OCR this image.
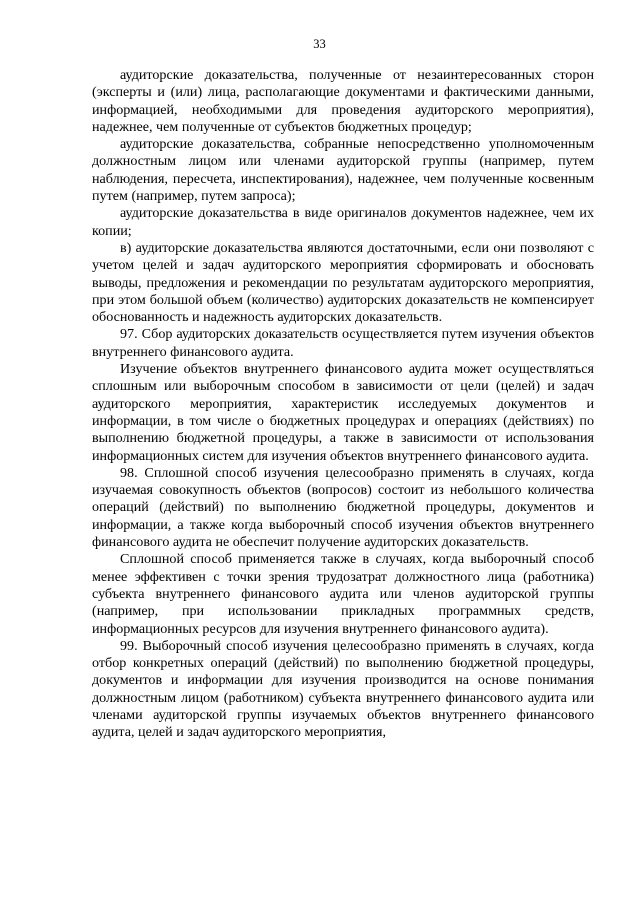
33

аудиторские доказательства, полученные от незаинтересованных сторон (эксперты и (или) лица, располагающие документами и фактическими данными, информацией, необходимыми для проведения аудиторского мероприятия), надежнее, чем полученные от субъектов бюджетных процедур;

аудиторские доказательства, собранные непосредственно уполномоченным должностным лицом или членами аудиторской группы (например, путем наблюдения, пересчета, инспектирования), надежнее, чем полученные косвенным путем (например, путем запроса);

аудиторские доказательства в виде оригиналов документов надежнее, чем их копии;

в) аудиторские доказательства являются достаточными, если они позволяют с учетом целей и задач аудиторского мероприятия сформировать и обосновать выводы, предложения и рекомендации по результатам аудиторского мероприятия, при этом большой объем (количество) аудиторских доказательств не компенсирует обоснованность и надежность аудиторских доказательств.

97. Сбор аудиторских доказательств осуществляется путем изучения объектов внутреннего финансового аудита.

Изучение объектов внутреннего финансового аудита может осуществляться сплошным или выборочным способом в зависимости от цели (целей) и задач аудиторского мероприятия, характеристик исследуемых документов и информации, в том числе о бюджетных процедурах и операциях (действиях) по выполнению бюджетной процедуры, а также в зависимости от использования информационных систем для изучения объектов внутреннего финансового аудита.

98. Сплошной способ изучения целесообразно применять в случаях, когда изучаемая совокупность объектов (вопросов) состоит из небольшого количества операций (действий) по выполнению бюджетной процедуры, документов и информации, а также когда выборочный способ изучения объектов внутреннего финансового аудита не обеспечит получение аудиторских доказательств.

Сплошной способ применяется также в случаях, когда выборочный способ менее эффективен с точки зрения трудозатрат должностного лица (работника) субъекта внутреннего финансового аудита или членов аудиторской группы (например, при использовании прикладных программных средств, информационных ресурсов для изучения внутреннего финансового аудита).

99. Выборочный способ изучения целесообразно применять в случаях, когда отбор конкретных операций (действий) по выполнению бюджетной процедуры, документов и информации для изучения производится на основе понимания должностным лицом (работником) субъекта внутреннего финансового аудита или членами аудиторской группы изучаемых объектов внутреннего финансового аудита, целей и задач аудиторского мероприятия,
